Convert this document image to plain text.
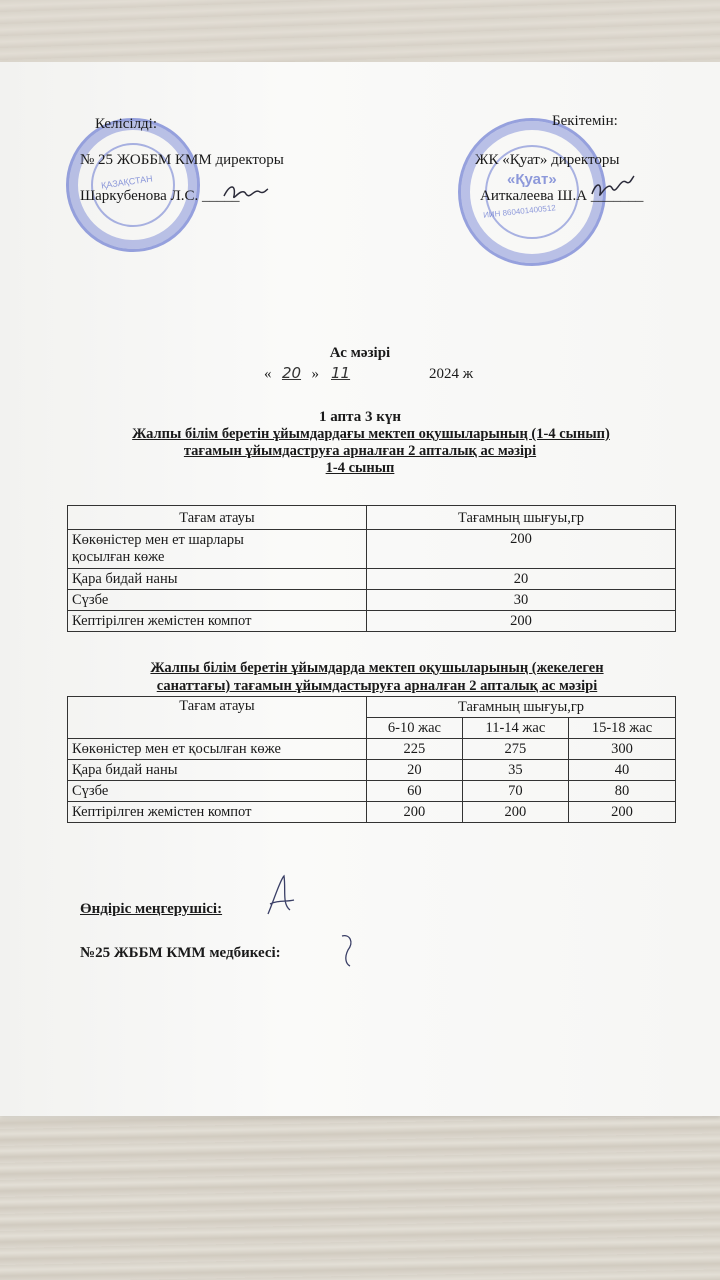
ҚАЗАҚСТАН	«Қуат»
ИИН 860401400512
Келісілді:
№ 25 ЖОББМ КММ директоры
Шаркубенова Л.С. _____
Бекітемін:
ЖК «Қуат» директоры
Аиткалеева Ш.А _______
Ас мәзірі
« 20 » 11	2024 ж
1 апта 3 күн
Жалпы білім беретін ұйымдардағы мектеп оқушыларының (1-4 сынып)
тағамын ұйымдаструға арналған 2 апталық ас мәзірі
1-4 сынып
Тағам атауы	Тағамның шығуы,гр

Көкөністер мен ет шарлары
қосылған көже	200
Қара бидай наны	20
Сүзбе	30
Кептірілген жемістен компот	200
Жалпы білім беретін ұйымдарда мектеп оқушыларының (жекелеген
санаттағы) тағамын ұйымдастыруға арналған 2 апталық ас мәзірі
Тағам атауы	Тағамның шығуы,гр		
	6-10 жас	11-14 жас	15-18 жас
Көкөністер мен ет қосылған көже	225	275	300
Қара бидай наны	20	35	40
Сүзбе	60	70	80
Кептірілген жемістен компот	200	200	200
Өндіріс меңгерушісі:
№25 ЖББМ КММ медбикесі:
